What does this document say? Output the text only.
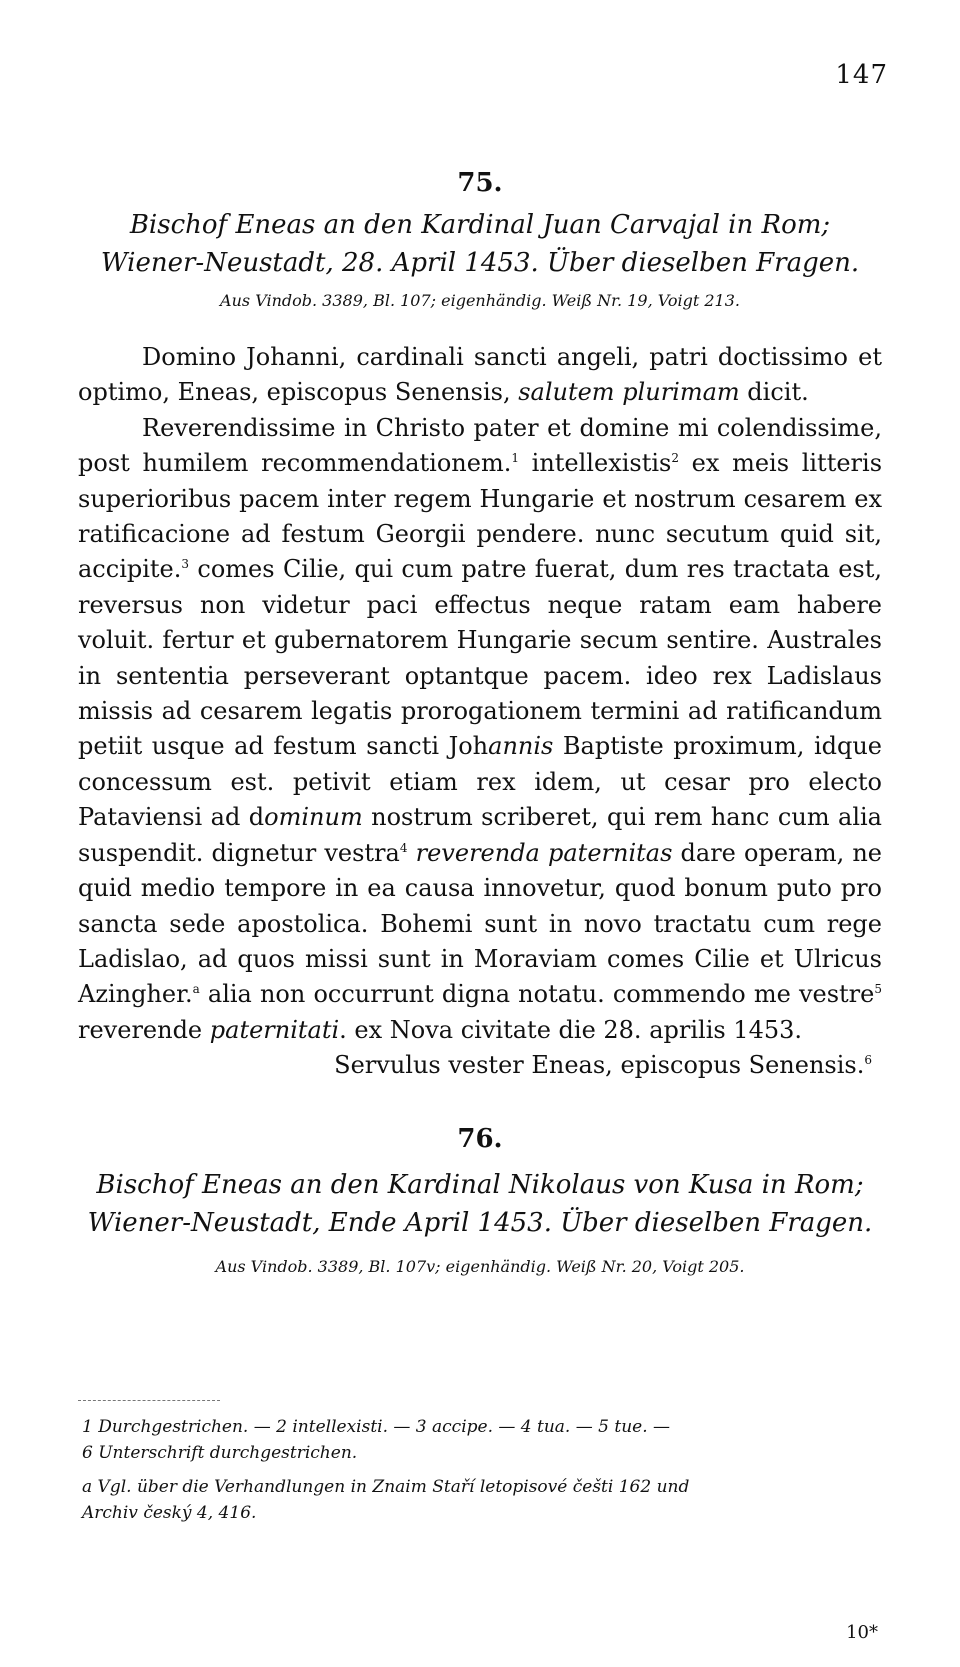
147
75.
Bischof Eneas an den Kardinal Juan Carvajal in Rom; Wiener-Neustadt, 28. April 1453. Über dieselben Fragen.
Aus Vindob. 3389, Bl. 107; eigenhändig. Weiß Nr. 19, Voigt 213.

Domino Johanni, cardinali sancti angeli, patri doctissimo et optimo, Eneas, episcopus Senensis, salutem plurimam dicit.

Reverendissime in Christo pater et domine mi colendissime, post humilem recommendationem.$^1$ intellexistis$^2$ ex meis litteris superioribus pacem inter regem Hungarie et nostrum cesarem ex ratificacione ad festum Georgii pendere. nunc secutum quid sit, accipite.$^3$ comes Cilie, qui cum patre fuerat, dum res tractata est, reversus non videtur paci effectus neque ratam eam habere voluit. fertur et gubernatorem Hungarie secum sentire. Australes in sententia perseverant optantque pacem. ideo rex Ladislaus missis ad cesarem legatis prorogationem termini ad ratificandum petiit usque ad festum sancti Johannis Baptiste proximum, idque concessum est. petivit etiam rex idem, ut cesar pro electo Pataviensi ad dominum nostrum scriberet, qui rem hanc cum alia suspendit. dignetur vestra$^4$ reverenda paternitas dare operam, ne quid medio tempore in ea causa innovetur, quod bonum puto pro sancta sede apostolica. Bohemi sunt in novo tractatu cum rege Ladislao, ad quos missi sunt in Moraviam comes Cilie et Ulricus Azingher.$^a$ alia non occurrunt digna notatu. commendo me vestre$^5$ reverende paternitati. ex Nova civitate die 28. aprilis 1453.

Servulus vester Eneas, episcopus Senensis.$^6$

76.
Bischof Eneas an den Kardinal Nikolaus von Kusa in Rom; Wiener-Neustadt, Ende April 1453. Über dieselben Fragen.
Aus Vindob. 3389, Bl. 107v; eigenhändig. Weiß Nr. 20, Voigt 205.
1 Durchgestrichen. — 2 intellexisti. — 3 accipe. — 4 tua. — 5 tue. —
6 Unterschrift durchgestrichen.
a Vgl. über die Verhandlungen in Znaim Staří letopisové češti 162 und
Archiv český 4, 416.
10*
